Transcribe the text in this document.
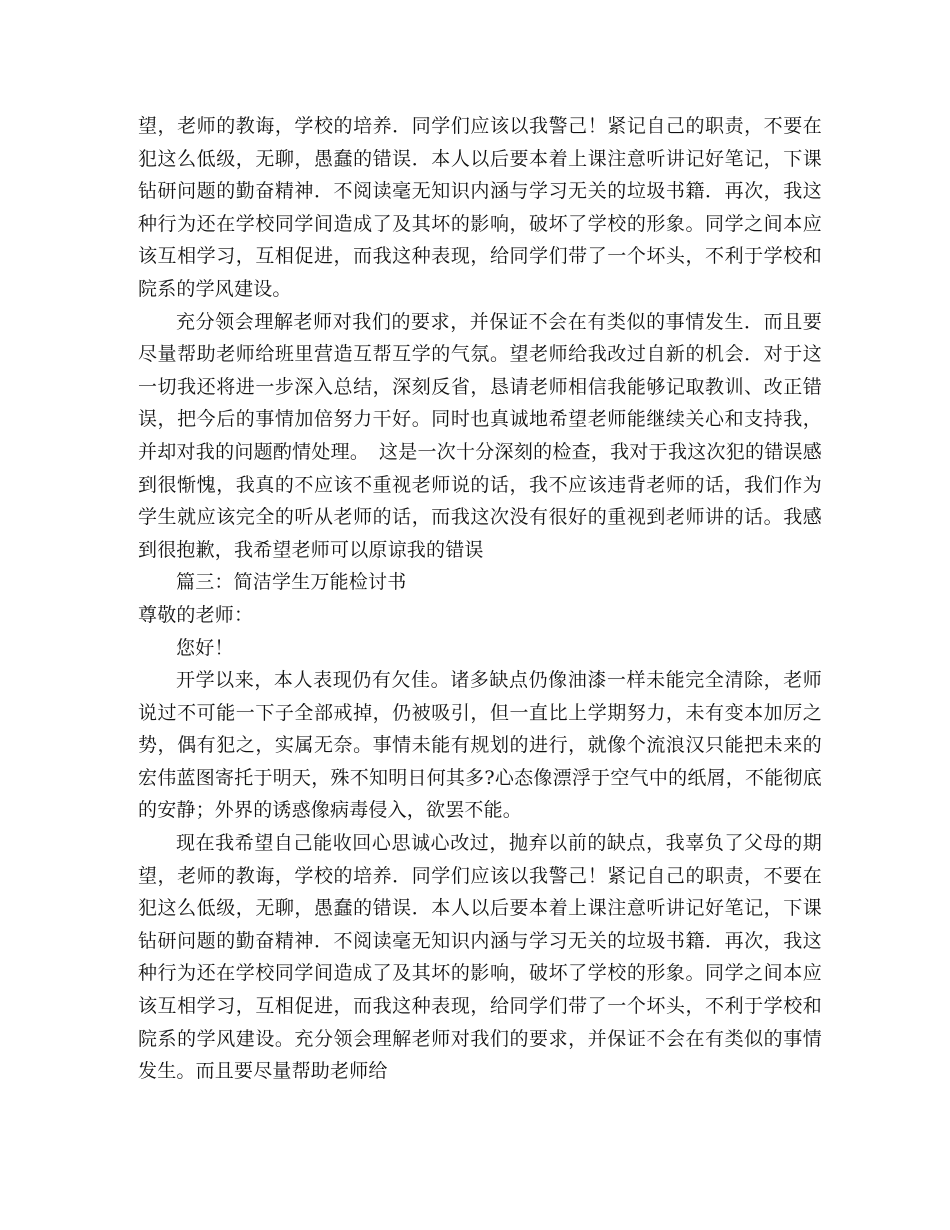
望，老师的教诲，学校的培养．同学们应该以我警己！紧记自己的职责，不要在犯这么低级，无聊，愚蠢的错误．本人以后要本着上课注意听讲记好笔记，下课钻研问题的勤奋精神．不阅读毫无知识内涵与学习无关的垃圾书籍．再次，我这种行为还在学校同学间造成了及其坏的影响，破坏了学校的形象。同学之间本应该互相学习，互相促进，而我这种表现，给同学们带了一个坏头，不利于学校和院系的学风建设。

充分领会理解老师对我们的要求，并保证不会在有类似的事情发生．而且要尽量帮助老师给班里营造互帮互学的气氛。望老师给我改过自新的机会．对于这一切我还将进一步深入总结，深刻反省，恳请老师相信我能够记取教训、改正错误，把今后的事情加倍努力干好。同时也真诚地希望老师能继续关心和支持我，并却对我的问题酌情处理。　这是一次十分深刻的检查，我对于我这次犯的错误感到很惭愧，我真的不应该不重视老师说的话，我不应该违背老师的话，我们作为学生就应该完全的听从老师的话，而我这次没有很好的重视到老师讲的话。我感到很抱歉，我希望老师可以原谅我的错误

篇三：简洁学生万能检讨书

尊敬的老师：

您好！

开学以来，本人表现仍有欠佳。诸多缺点仍像油漆一样未能完全清除，老师说过不可能一下子全部戒掉，仍被吸引，但一直比上学期努力，未有变本加厉之势，偶有犯之，实属无奈。事情未能有规划的进行，就像个流浪汉只能把未来的宏伟蓝图寄托于明天，殊不知明日何其多?心态像漂浮于空气中的纸屑，不能彻底的安静；外界的诱惑像病毒侵入，欲罢不能。

现在我希望自己能收回心思诚心改过，抛弃以前的缺点，我辜负了父母的期望，老师的教诲，学校的培养．同学们应该以我警己！紧记自己的职责，不要在犯这么低级，无聊，愚蠢的错误．本人以后要本着上课注意听讲记好笔记，下课钻研问题的勤奋精神．不阅读毫无知识内涵与学习无关的垃圾书籍．再次，我这种行为还在学校同学间造成了及其坏的影响，破坏了学校的形象。同学之间本应该互相学习，互相促进，而我这种表现，给同学们带了一个坏头，不利于学校和院系的学风建设。充分领会理解老师对我们的要求，并保证不会在有类似的事情发生。而且要尽量帮助老师给
